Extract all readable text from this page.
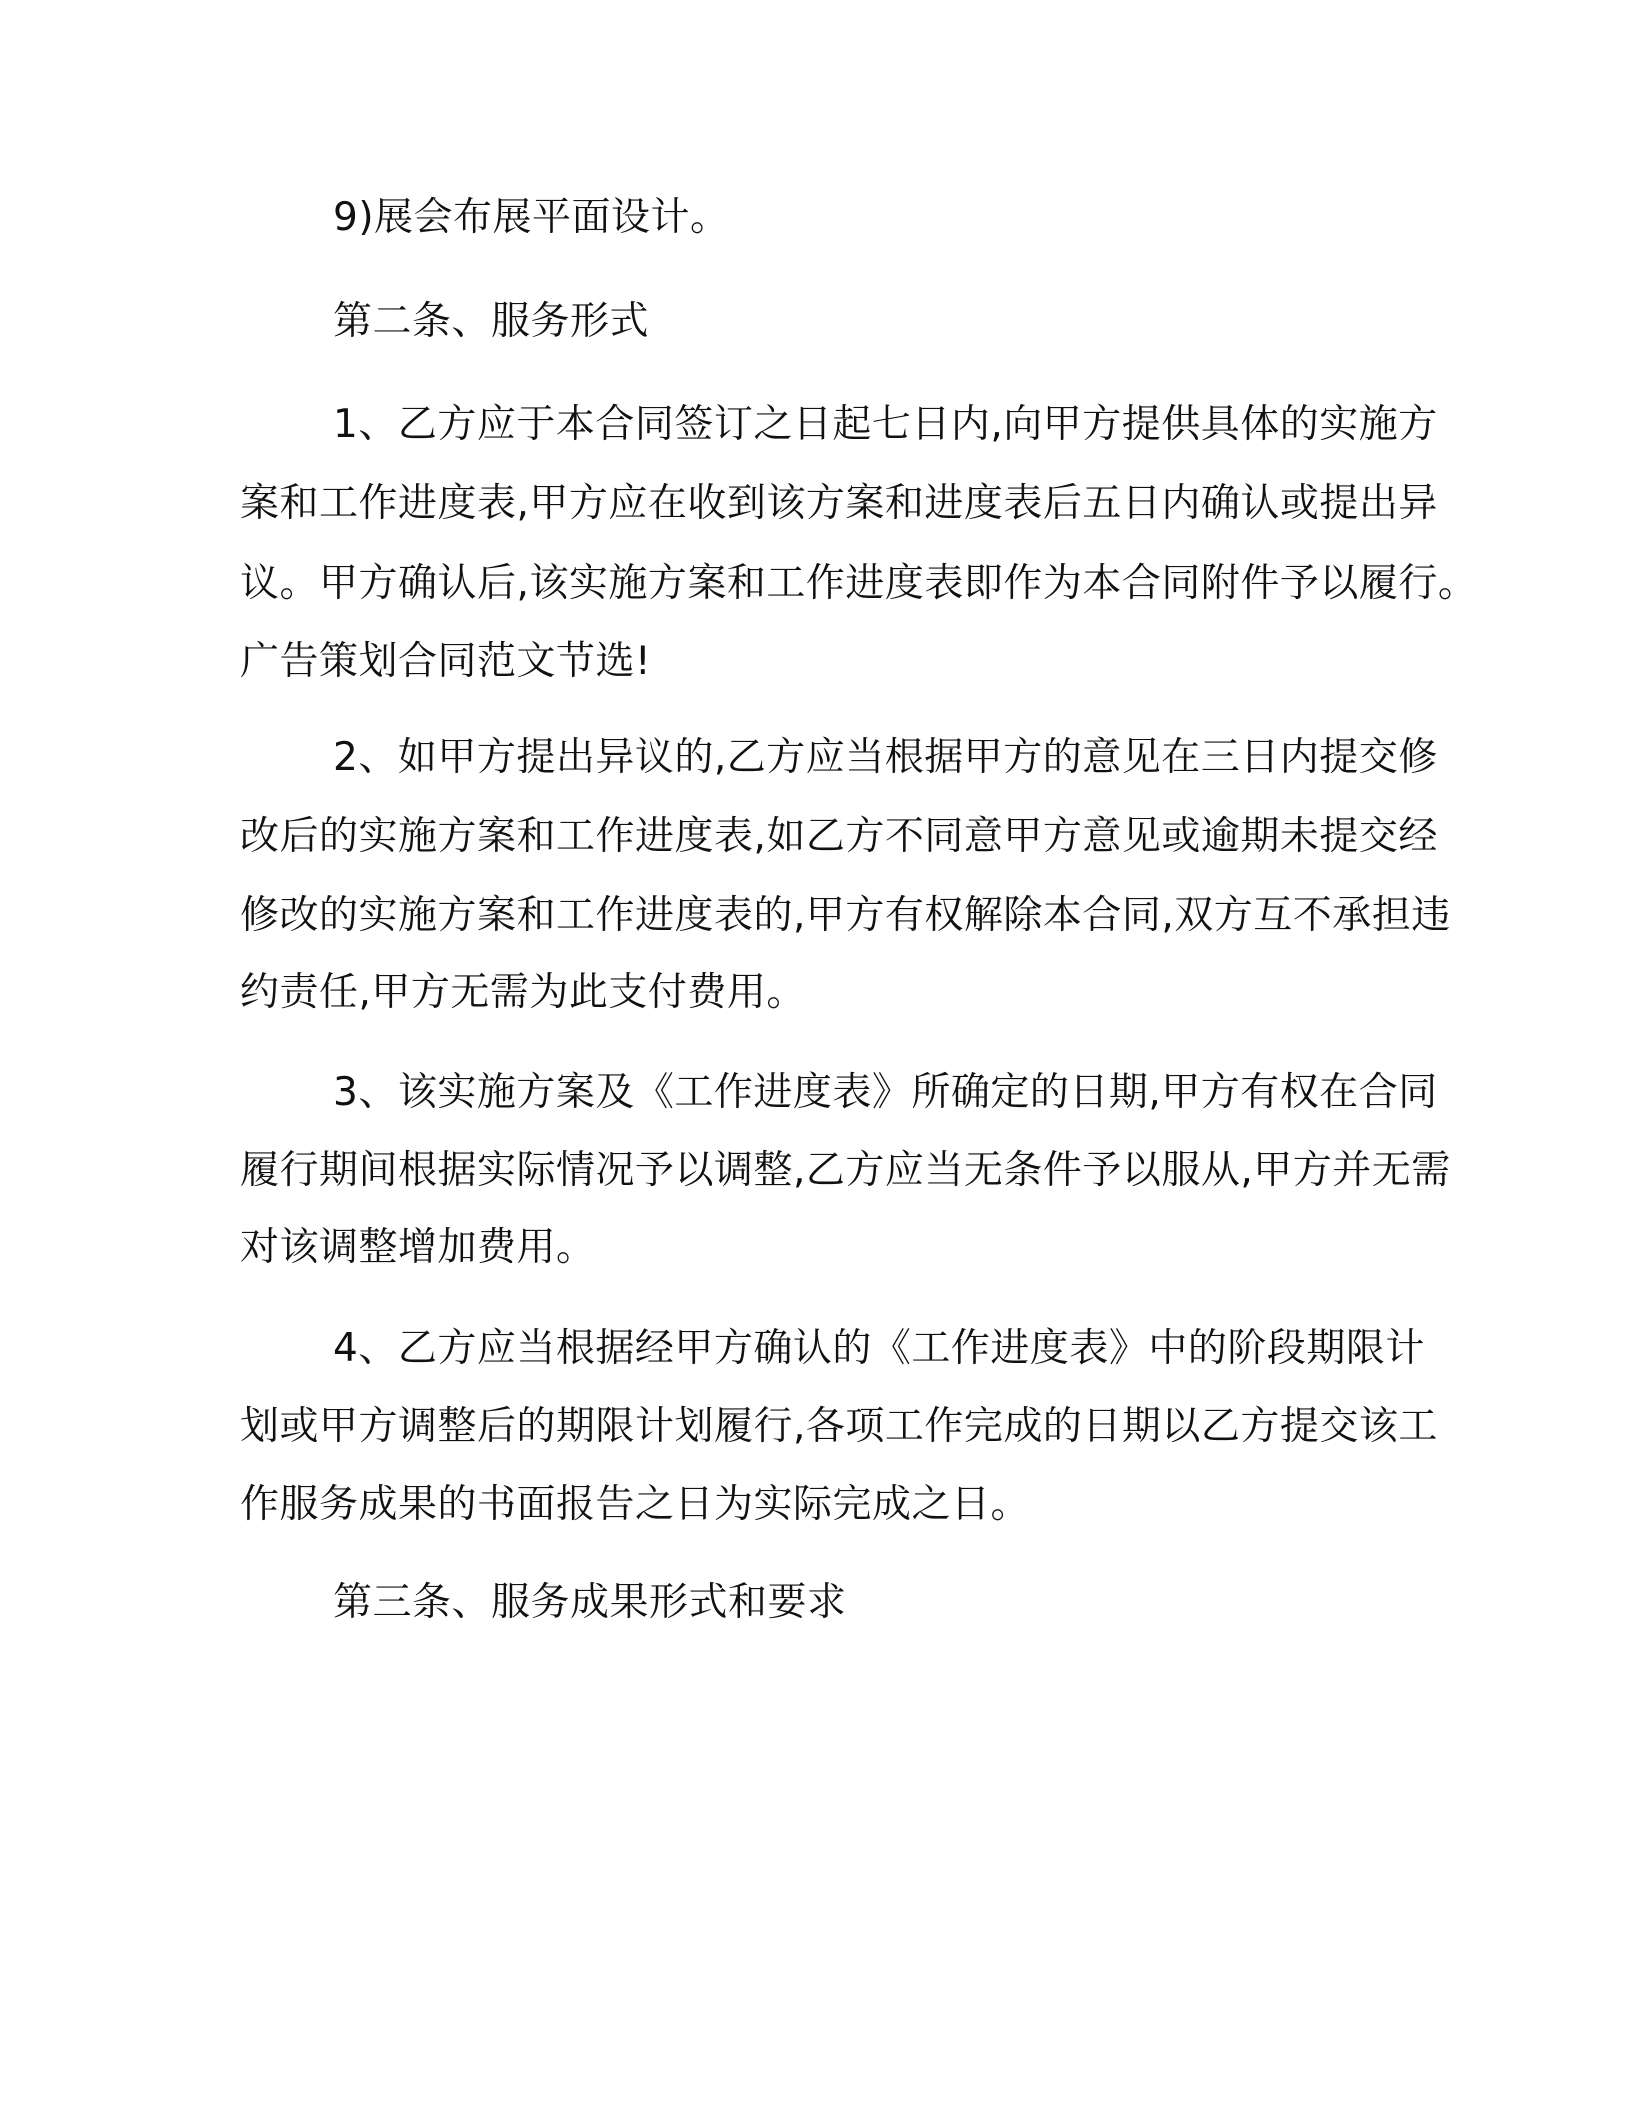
9)展会布展平面设计。
第二条、服务形式
1、乙方应于本合同签订之日起七日内,向甲方提供具体的实施方
案和工作进度表,甲方应在收到该方案和进度表后五日内确认或提出异
议。甲方确认后,该实施方案和工作进度表即作为本合同附件予以履行。
广告策划合同范文节选!
2、如甲方提出异议的,乙方应当根据甲方的意见在三日内提交修
改后的实施方案和工作进度表,如乙方不同意甲方意见或逾期未提交经
修改的实施方案和工作进度表的,甲方有权解除本合同,双方互不承担违
约责任,甲方无需为此支付费用。
3、该实施方案及《工作进度表》所确定的日期,甲方有权在合同
履行期间根据实际情况予以调整,乙方应当无条件予以服从,甲方并无需
对该调整增加费用。
4、乙方应当根据经甲方确认的《工作进度表》中的阶段期限计
划或甲方调整后的期限计划履行,各项工作完成的日期以乙方提交该工
作服务成果的书面报告之日为实际完成之日。
第三条、服务成果形式和要求
